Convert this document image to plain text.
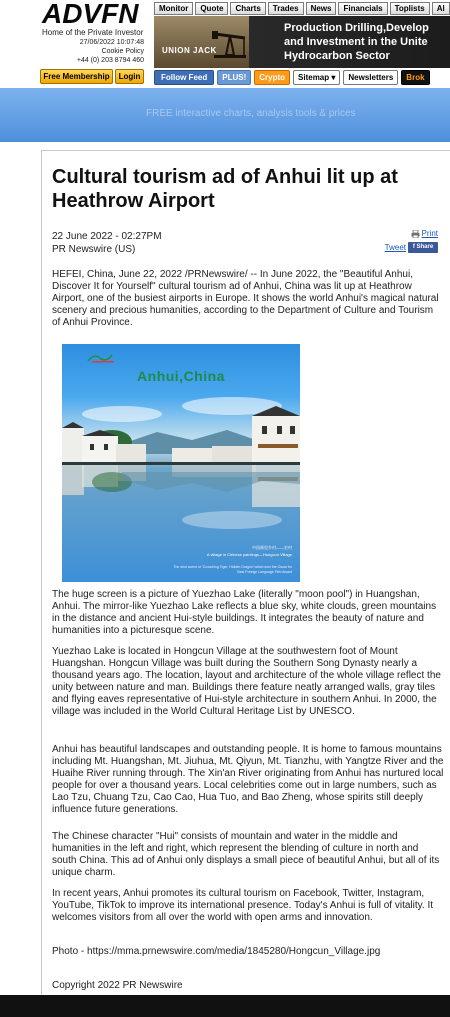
ADVFN
Home of the Private Investor
27/06/2022 10:07:48
Cookie Policy
+44 (0) 203 8794 460
Free Membership	Login
Monitor	Quote	Charts	Trades	News	Financials	Toplists	Al
UNION JACK
Production Drilling,Develop
and Investment in the Unite
Hydrocarbon Sector
Follow Feed	PLUS!	Crypto	Sitemap ▾	Newsletters	Brok
FREE interactive charts, analysis tools & prices
Cultural tourism ad of Anhui lit up at Heathrow Airport
22 June 2022 - 02:27PM
PR Newswire (US)
Print
Tweet	f Share

HEFEI, China, June 22, 2022 /PRNewswire/ -- In June 2022, the "Beautiful Anhui, Discover It for Yourself" cultural tourism ad of Anhui, China was lit up at Heathrow Airport, one of the busiest airports in Europe. It shows the world Anhui's magical natural scenery and precious humanities, according to the Department of Culture and Tourism of Anhui Province.

Anhui,China
中国画里乡村——宏村
A village in Chinese paintings—Hongcun Village
The shot scene of 'Crouching Tiger, Hidden Dragon' which won the Oscar for Best Foreign Language Film Award

The huge screen is a picture of Yuezhao Lake (literally "moon pool") in Huangshan, Anhui. The mirror-like Yuezhao Lake reflects a blue sky, white clouds, green mountains in the distance and ancient Hui-style buildings. It integrates the beauty of nature and humanities into a picturesque scene.

Yuezhao Lake is located in Hongcun Village at the southwestern foot of Mount Huangshan. Hongcun Village was built during the Southern Song Dynasty nearly a thousand years ago. The location, layout and architecture of the whole village reflect the unity between nature and man. Buildings there feature neatly arranged walls, gray tiles and flying eaves representative of Hui-style architecture in southern Anhui. In 2000, the village was included in the World Cultural Heritage List by UNESCO.

Anhui has beautiful landscapes and outstanding people. It is home to famous mountains including Mt. Huangshan, Mt. Jiuhua, Mt. Qiyun, Mt. Tianzhu, with Yangtze River and the Huaihe River running through. The Xin'an River originating from Anhui has nurtured local people for over a thousand years. Local celebrities come out in large numbers, such as Lao Tzu, Chuang Tzu, Cao Cao, Hua Tuo, and Bao Zheng, whose spirits still deeply influence future generations.

The Chinese character "Hui" consists of mountain and water in the middle and humanities in the left and right, which represent the blending of culture in north and south China. This ad of Anhui only displays a small piece of beautiful Anhui, but all of its unique charm.

In recent years, Anhui promotes its cultural tourism on Facebook, Twitter, Instagram, YouTube, TikTok to improve its international presence. Today's Anhui is full of vitality. It welcomes visitors from all over the world with open arms and innovation.

Photo - https://mma.prnewswire.com/media/1845280/Hongcun_Village.jpg

Copyright 2022 PR Newswire
